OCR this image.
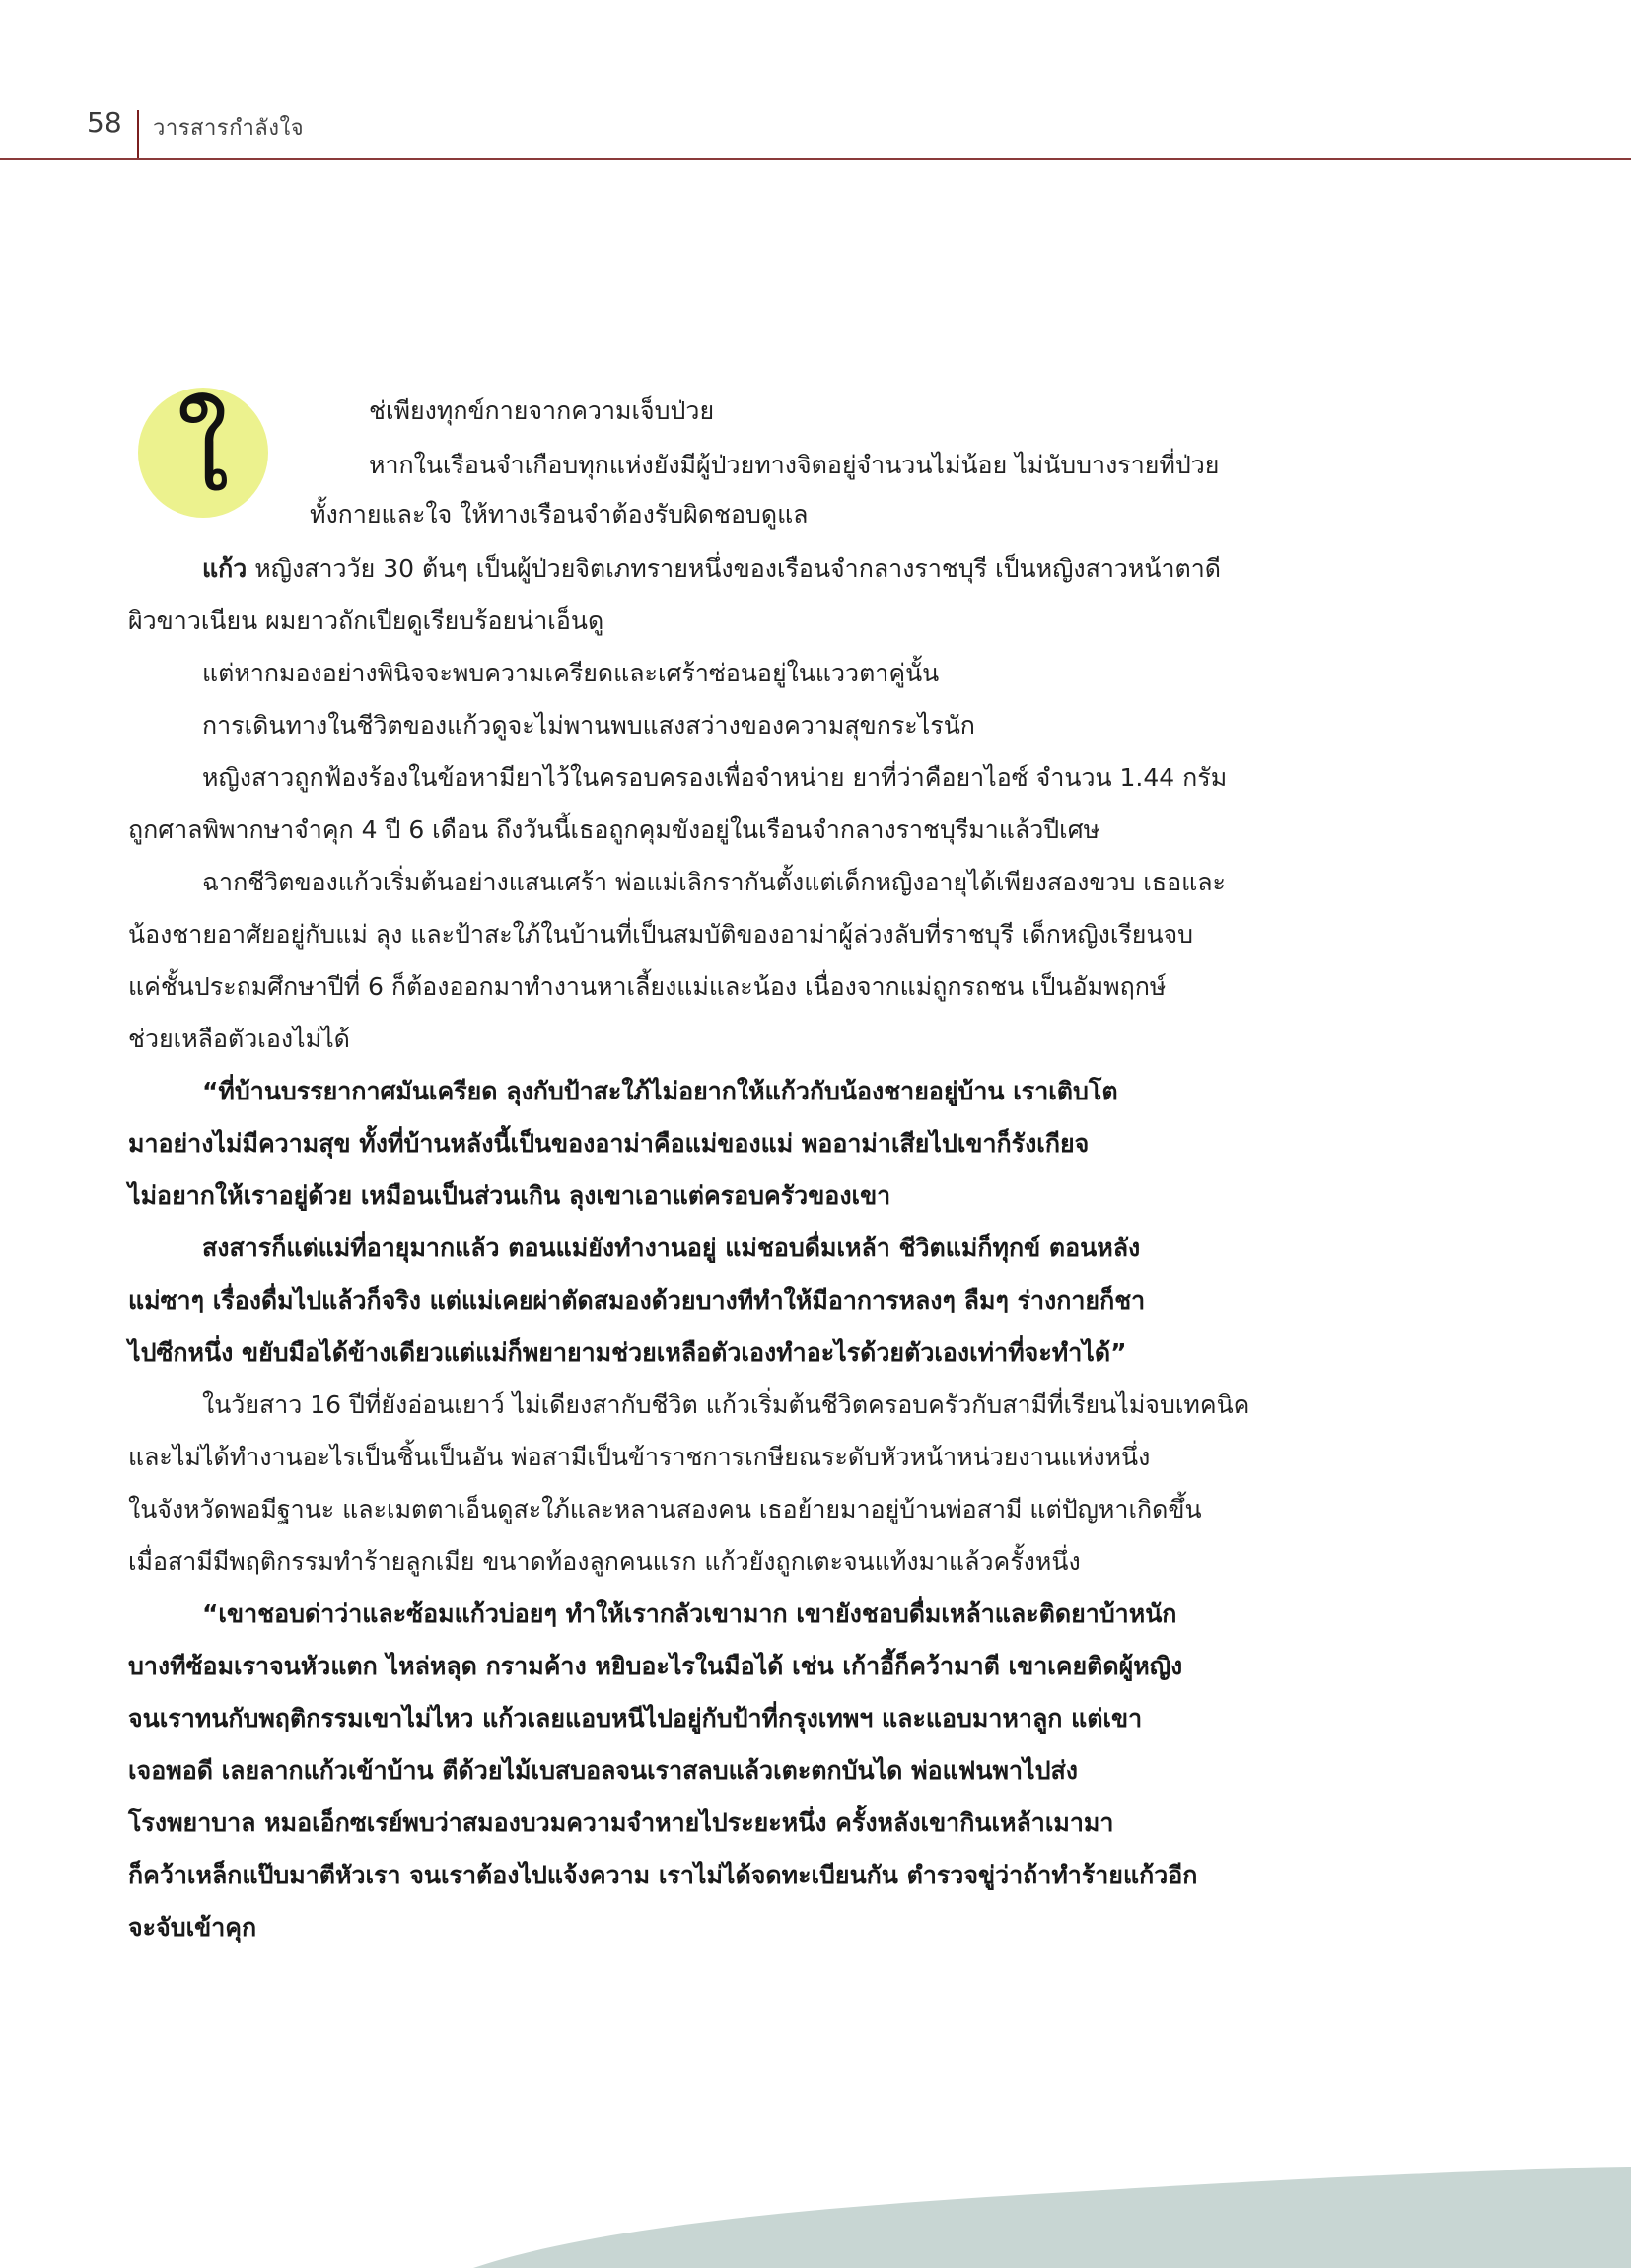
58 วารสารกำลังใจ
ใ	ช่เพียงทุกข์กายจากความเจ็บป่วย
หากในเรือนจำเกือบทุกแห่งยังมีผู้ป่วยทางจิตอยู่จำนวนไม่น้อย ไม่นับบางรายที่ป่วย
ทั้งกายและใจ ให้ทางเรือนจำต้องรับผิดชอบดูแล
แก้ว หญิงสาววัย 30 ต้นๆ เป็นผู้ป่วยจิตเภทรายหนึ่งของเรือนจำกลางราชบุรี เป็นหญิงสาวหน้าตาดี
ผิวขาวเนียน ผมยาวถักเปียดูเรียบร้อยน่าเอ็นดู
แต่หากมองอย่างพินิจจะพบความเครียดและเศร้าซ่อนอยู่ในแววตาคู่นั้น
การเดินทางในชีวิตของแก้วดูจะไม่พานพบแสงสว่างของความสุขกระไรนัก
หญิงสาวถูกฟ้องร้องในข้อหามียาไว้ในครอบครองเพื่อจำหน่าย ยาที่ว่าคือยาไอซ์ จำนวน 1.44 กรัม
ถูกศาลพิพากษาจำคุก 4 ปี 6 เดือน ถึงวันนี้เธอถูกคุมขังอยู่ในเรือนจำกลางราชบุรีมาแล้วปีเศษ
ฉากชีวิตของแก้วเริ่มต้นอย่างแสนเศร้า พ่อแม่เลิกรากันตั้งแต่เด็กหญิงอายุได้เพียงสองขวบ เธอและ
น้องชายอาศัยอยู่กับแม่ ลุง และป้าสะใภ้ในบ้านที่เป็นสมบัติของอาม่าผู้ล่วงลับที่ราชบุรี เด็กหญิงเรียนจบ
แค่ชั้นประถมศึกษาปีที่ 6 ก็ต้องออกมาทำงานหาเลี้ยงแม่และน้อง เนื่องจากแม่ถูกรถชน เป็นอัมพฤกษ์
ช่วยเหลือตัวเองไม่ได้
“ที่บ้านบรรยากาศมันเครียด ลุงกับป้าสะใภ้ไม่อยากให้แก้วกับน้องชายอยู่บ้าน เราเติบโต
มาอย่างไม่มีความสุข ทั้งที่บ้านหลังนี้เป็นของอาม่าคือแม่ของแม่ พออาม่าเสียไปเขาก็รังเกียจ
ไม่อยากให้เราอยู่ด้วย เหมือนเป็นส่วนเกิน ลุงเขาเอาแต่ครอบครัวของเขา
สงสารก็แต่แม่ที่อายุมากแล้ว ตอนแม่ยังทำงานอยู่ แม่ชอบดื่มเหล้า ชีวิตแม่ก็ทุกข์ ตอนหลัง
แม่ซาๆ เรื่องดื่มไปแล้วก็จริง แต่แม่เคยผ่าตัดสมองด้วยบางทีทำให้มีอาการหลงๆ ลืมๆ ร่างกายก็ชา
ไปซีกหนึ่ง ขยับมือได้ข้างเดียวแต่แม่ก็พยายามช่วยเหลือตัวเองทำอะไรด้วยตัวเองเท่าที่จะทำได้”
ในวัยสาว 16 ปีที่ยังอ่อนเยาว์ ไม่เดียงสากับชีวิต แก้วเริ่มต้นชีวิตครอบครัวกับสามีที่เรียนไม่จบเทคนิค
และไม่ได้ทำงานอะไรเป็นชิ้นเป็นอัน พ่อสามีเป็นข้าราชการเกษียณระดับหัวหน้าหน่วยงานแห่งหนึ่ง
ในจังหวัดพอมีฐานะ และเมตตาเอ็นดูสะใภ้และหลานสองคน เธอย้ายมาอยู่บ้านพ่อสามี แต่ปัญหาเกิดขึ้น
เมื่อสามีมีพฤติกรรมทำร้ายลูกเมีย ขนาดท้องลูกคนแรก แก้วยังถูกเตะจนแท้งมาแล้วครั้งหนึ่ง
“เขาชอบด่าว่าและซ้อมแก้วบ่อยๆ ทำให้เรากลัวเขามาก เขายังชอบดื่มเหล้าและติดยาบ้าหนัก
บางทีซ้อมเราจนหัวแตก ไหล่หลุด กรามค้าง หยิบอะไรในมือได้ เช่น เก้าอี้ก็คว้ามาตี เขาเคยติดผู้หญิง
จนเราทนกับพฤติกรรมเขาไม่ไหว แก้วเลยแอบหนีไปอยู่กับป้าที่กรุงเทพฯ และแอบมาหาลูก แต่เขา
เจอพอดี เลยลากแก้วเข้าบ้าน ตีด้วยไม้เบสบอลจนเราสลบแล้วเตะตกบันได พ่อแฟนพาไปส่ง
โรงพยาบาล หมอเอ็กซเรย์พบว่าสมองบวมความจำหายไประยะหนึ่ง ครั้งหลังเขากินเหล้าเมามา
ก็คว้าเหล็กแป๊บมาตีหัวเรา จนเราต้องไปแจ้งความ เราไม่ได้จดทะเบียนกัน ตำรวจขู่ว่าถ้าทำร้ายแก้วอีก
จะจับเข้าคุก
